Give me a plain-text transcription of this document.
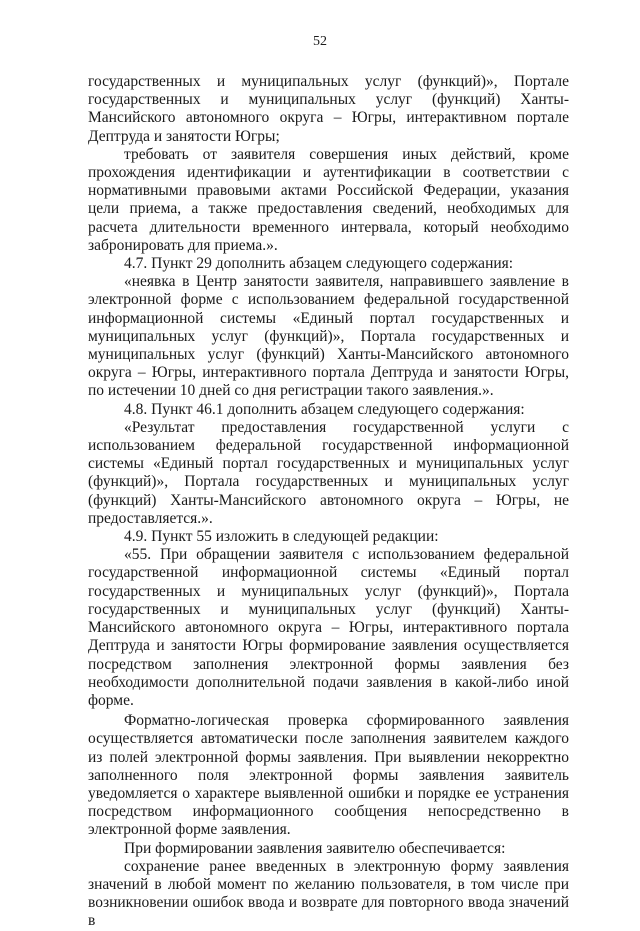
52

государственных и муниципальных услуг (функций)», Портале государственных и муниципальных услуг (функций) Ханты-Мансийского автономного округа – Югры, интерактивном портале Дептруда и занятости Югры;

требовать от заявителя совершения иных действий, кроме прохождения идентификации и аутентификации в соответствии с нормативными правовыми актами Российской Федерации, указания цели приема, а также предоставления сведений, необходимых для расчета длительности временного интервала, который необходимо забронировать для приема.».

4.7. Пункт 29 дополнить абзацем следующего содержания:

«неявка в Центр занятости заявителя, направившего заявление в электронной форме с использованием федеральной государственной информационной системы «Единый портал государственных и муниципальных услуг (функций)», Портала государственных и муниципальных услуг (функций) Ханты-Мансийского автономного округа – Югры, интерактивного портала Дептруда и занятости Югры, по истечении 10 дней со дня регистрации такого заявления.».

4.8. Пункт 46.1 дополнить абзацем следующего содержания:

«Результат предоставления государственной услуги с использованием федеральной государственной информационной системы «Единый портал государственных и муниципальных услуг (функций)», Портала государственных и муниципальных услуг (функций) Ханты-Мансийского автономного округа – Югры, не предоставляется.».

4.9. Пункт 55 изложить в следующей редакции:

«55. При обращении заявителя с использованием федеральной государственной информационной системы «Единый портал государственных и муниципальных услуг (функций)», Портала государственных и муниципальных услуг (функций) Ханты-Мансийского автономного округа – Югры, интерактивного портала Дептруда и занятости Югры формирование заявления осуществляется посредством заполнения электронной формы заявления без необходимости дополнительной подачи заявления в какой-либо иной форме.

Форматно-логическая проверка сформированного заявления осуществляется автоматически после заполнения заявителем каждого из полей электронной формы заявления. При выявлении некорректно заполненного поля электронной формы заявления заявитель уведомляется о характере выявленной ошибки и порядке ее устранения посредством информационного сообщения непосредственно в электронной форме заявления.

При формировании заявления заявителю обеспечивается:

сохранение ранее введенных в электронную форму заявления значений в любой момент по желанию пользователя, в том числе при возникновении ошибок ввода и возврате для повторного ввода значений в
